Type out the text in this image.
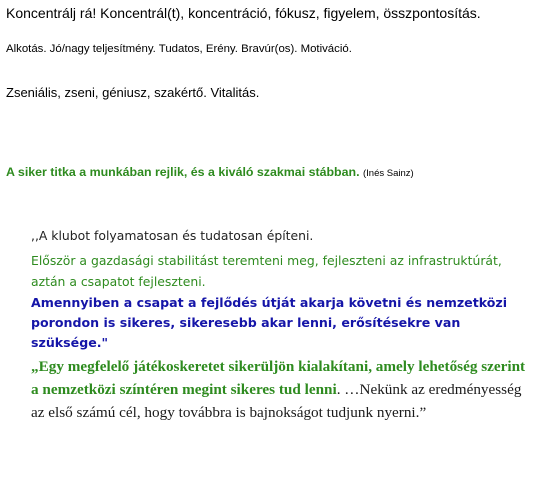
Koncentrálj rá! Koncentrál(t), koncentráció, fókusz, figyelem, összpontosítás.
Alkotás. Jó/nagy teljesítmény. Tudatos, Erény. Bravúr(os). Motiváció.
Zseniális, zseni, géniusz, szakértő. Vitalitás.
A siker titka a munkában rejlik, és a kiváló szakmai stábban. (Inés Sainz)
,,A klubot folyamatosan és tudatosan építeni.
Először a gazdasági stabilitást teremteni meg, fejleszteni az infrastruktúrát, aztán a csapatot fejleszteni.
Amennyiben a csapat a fejlődés útját akarja követni és nemzetközi porondon is sikeres, sikeresebb akar lenni, erősítésekre van szüksége."
„Egy megfelelő játékoskeretet sikerüljön kialakítani, amely lehetőség szerint a nemzetközi színtéren megint sikeres tud lenni. …Nekünk az eredményesség az első számú cél, hogy továbbra is bajnokságot tudjunk nyerni.”
